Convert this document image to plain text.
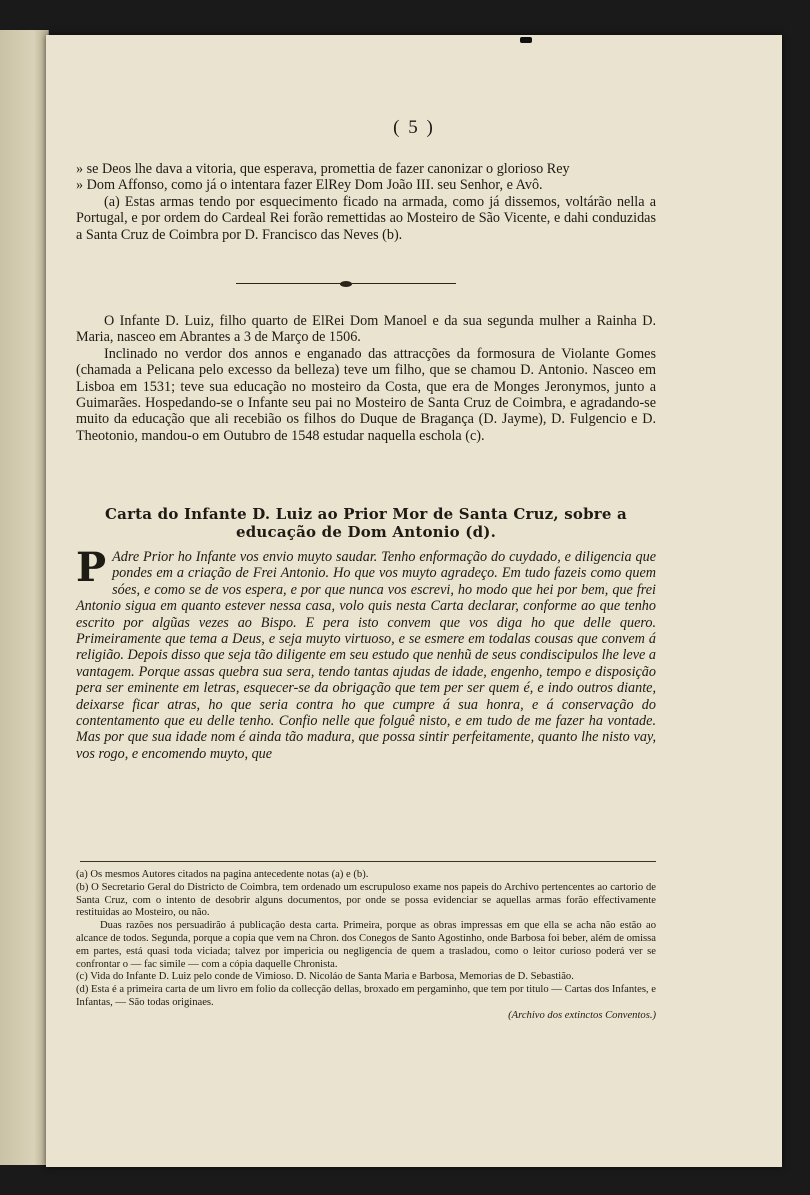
( 5 )

» se Deos lhe dava a vitoria, que esperava, promettia de fazer canonizar o glorioso Rey

» Dom Affonso, como já o intentara fazer ElRey Dom João III. seu Senhor, e Avô.

(a) Estas armas tendo por esquecimento ficado na armada, como já dissemos, voltárão nella a Portugal, e por ordem do Cardeal Rei forão remettidas ao Mosteiro de São Vicente, e dahi conduzidas a Santa Cruz de Coimbra por D. Francisco das Neves (b).

O Infante D. Luiz, filho quarto de ElRei Dom Manoel e da sua segunda mulher a Rainha D. Maria, nasceo em Abrantes a 3 de Março de 1506.

Inclinado no verdor dos annos e enganado das attracções da formosura de Violante Gomes (chamada a Pelicana pelo excesso da belleza) teve um filho, que se chamou D. Antonio. Nasceo em Lisboa em 1531; teve sua educação no mosteiro da Costa, que era de Monges Jeronymos, junto a Guimarães. Hospedando-se o Infante seu pai no Mosteiro de Santa Cruz de Coimbra, e agradando-se muito da educação que ali recebião os filhos do Duque de Bragança (D. Jayme), D. Fulgencio e D. Theotonio, mandou-o em Outubro de 1548 estudar naquella eschola (c).

Carta do Infante D. Luiz ao Prior Mor de Santa Cruz, sobre a educação de Dom Antonio (d).

P Adre Prior ho Infante vos envio muyto saudar. Tenho enformação do cuydado, e diligencia que pondes em a criação de Frei Antonio. Ho que vos muyto agradeço. Em tudo fazeis como quem sóes, e como se de vos espera, e por que nunca vos escrevi, ho modo que hei por bem, que frei Antonio sigua em quanto estever nessa casa, volo quis nesta Carta declarar, conforme ao que tenho escrito por algũas vezes ao Bispo. E pera isto convem que vos diga ho que delle quero. Primeiramente que tema a Deus, e seja muyto virtuoso, e se esmere em todalas cousas que convem á religião. Depois disso que seja tão diligente em seu estudo que nenhũ de seus condiscipulos lhe leve a vantagem. Porque assas quebra sua sera, tendo tantas ajudas de idade, engenho, tempo e disposição pera ser eminente em letras, esquecer-se da obrigação que tem per ser quem é, e indo outros diante, deixarse ficar atras, ho que seria contra ho que cumpre á sua honra, e á conservação do contentamento que eu delle tenho. Confio nelle que folguê nisto, e em tudo de me fazer ha vontade. Mas por que sua idade nom é ainda tão madura, que possa sintir perfeitamente, quanto lhe nisto vay, vos rogo, e encomendo muyto, que

(a) Os mesmos Autores citados na pagina antecedente notas (a) e (b).

(b) O Secretario Geral do Districto de Coimbra, tem ordenado um escrupuloso exame nos papeis do Archivo pertencentes ao cartorio de Santa Cruz, com o intento de desobrir alguns documentos, por onde se possa evidenciar se aquellas armas forão effectivamente restituidas ao Mosteiro, ou não.

Duas razões nos persuadirão á publicação desta carta. Primeira, porque as obras impressas em que ella se acha não estão ao alcance de todos. Segunda, porque a copia que vem na Chron. dos Conegos de Santo Agostinho, onde Barbosa foi beber, além de omissa em partes, está quasi toda viciada; talvez por impericia ou negligencia de quem a trasladou, como o leitor curioso poderá ver se confrontar o — fac simile — com a cópia daquelle Chronista.

(c) Vida do Infante D. Luiz pelo conde de Vimioso. D. Nicoláo de Santa Maria e Barbosa, Memorias de D. Sebastião.

(d) Esta é a primeira carta de um livro em folio da collecção dellas, broxado em pergaminho, que tem por titulo — Cartas dos Infantes, e Infantas, — São todas originaes.

(Archivo dos extinctos Conventos.)
